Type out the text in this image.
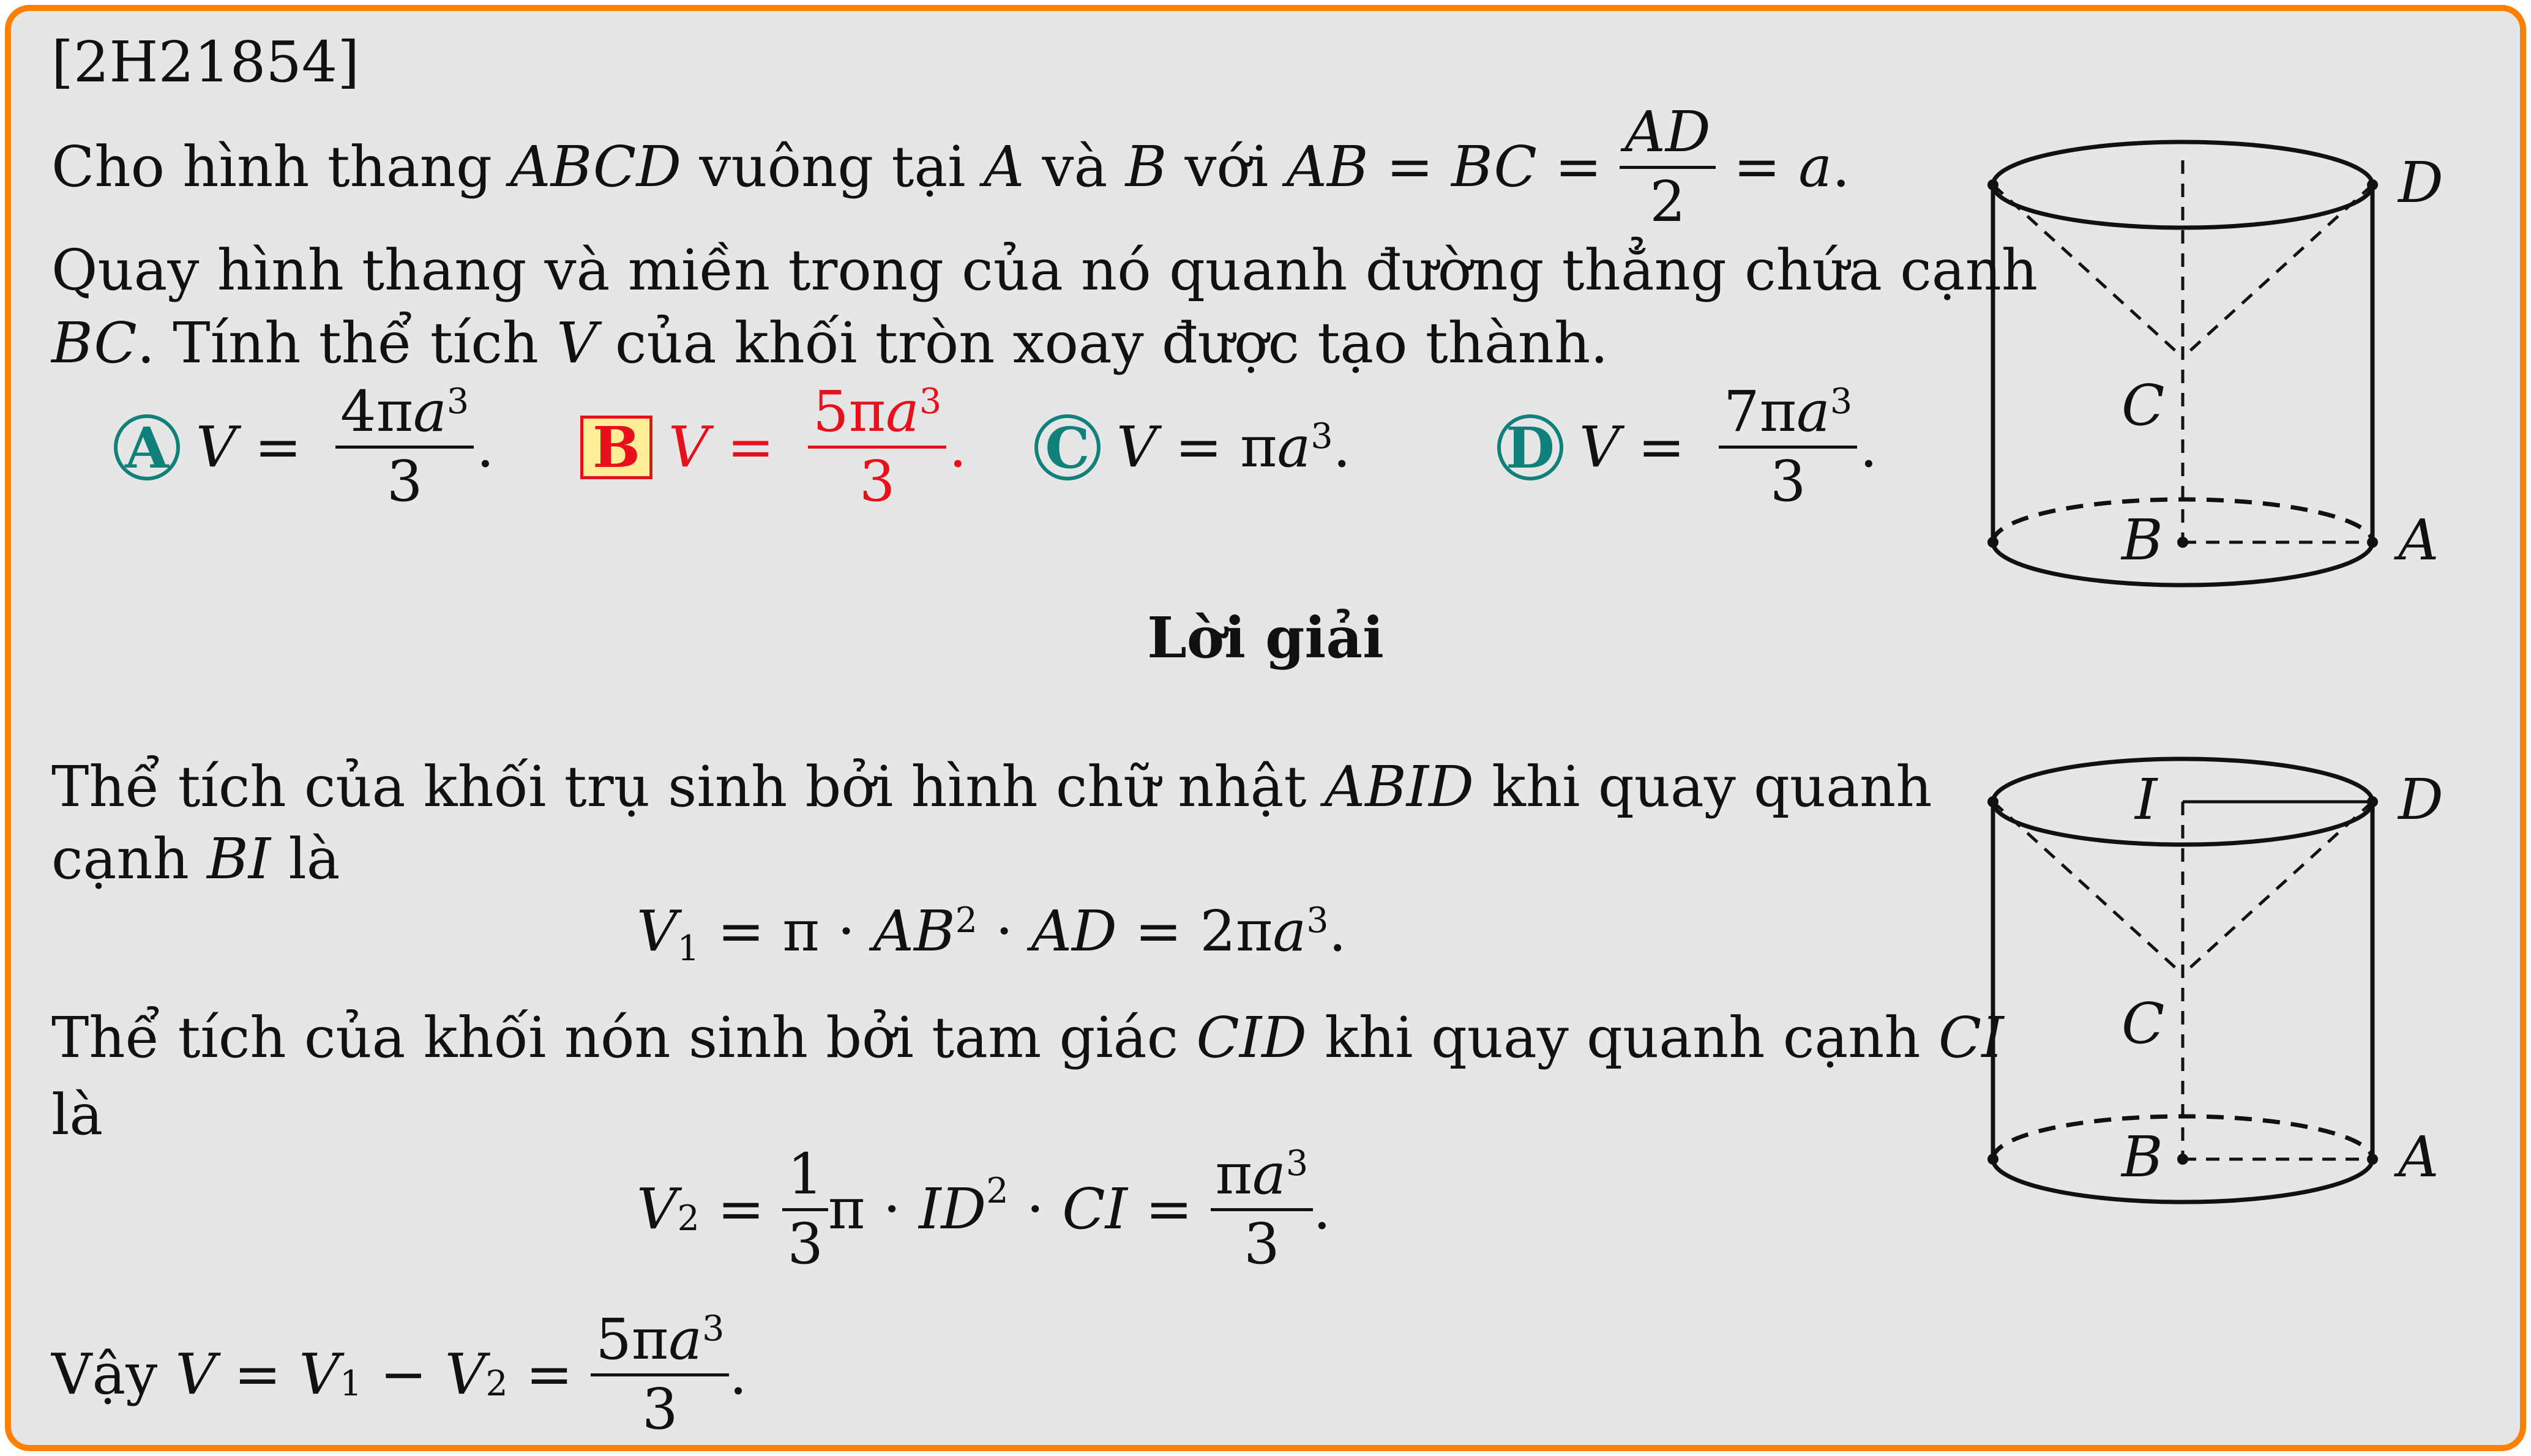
[2H21854]
Cho hình thang ABCD vuông tại A và B với AB = BC = $\frac{AD}{2} = a$ .
Quay hình thang và miền trong của nó quanh đường thẳng chứa cạnh
BC. Tính thể tích V của khối tròn xoay được tạo thành.
A $V = \frac{4\pi a^3}{3}$ . B $V = \frac{5\pi a^3}{3}$ . C $V = \pi a^3$.	D $V = \frac{7\pi a^3}{3}$ .
Lời giải
Thể tích của khối trụ sinh bởi hình chữ nhật ABID khi quay quanh
cạnh BI là
$V_1 = \pi \cdot AB^2$ · AD = $2\pi a^3$.
Thể tích của khối nón sinh bởi tam giác CID khi quay quanh cạnh CI
là
$V_2 = \frac{1}{3}$ $\pi \cdot ID^2$ · CI = $\frac{\pi a^3}{3}$ .
Vậy $V = V_1 - V_2 = \frac{5\pi a^3}{3}$ .
D
C
B	A
I	D
C
B	A
